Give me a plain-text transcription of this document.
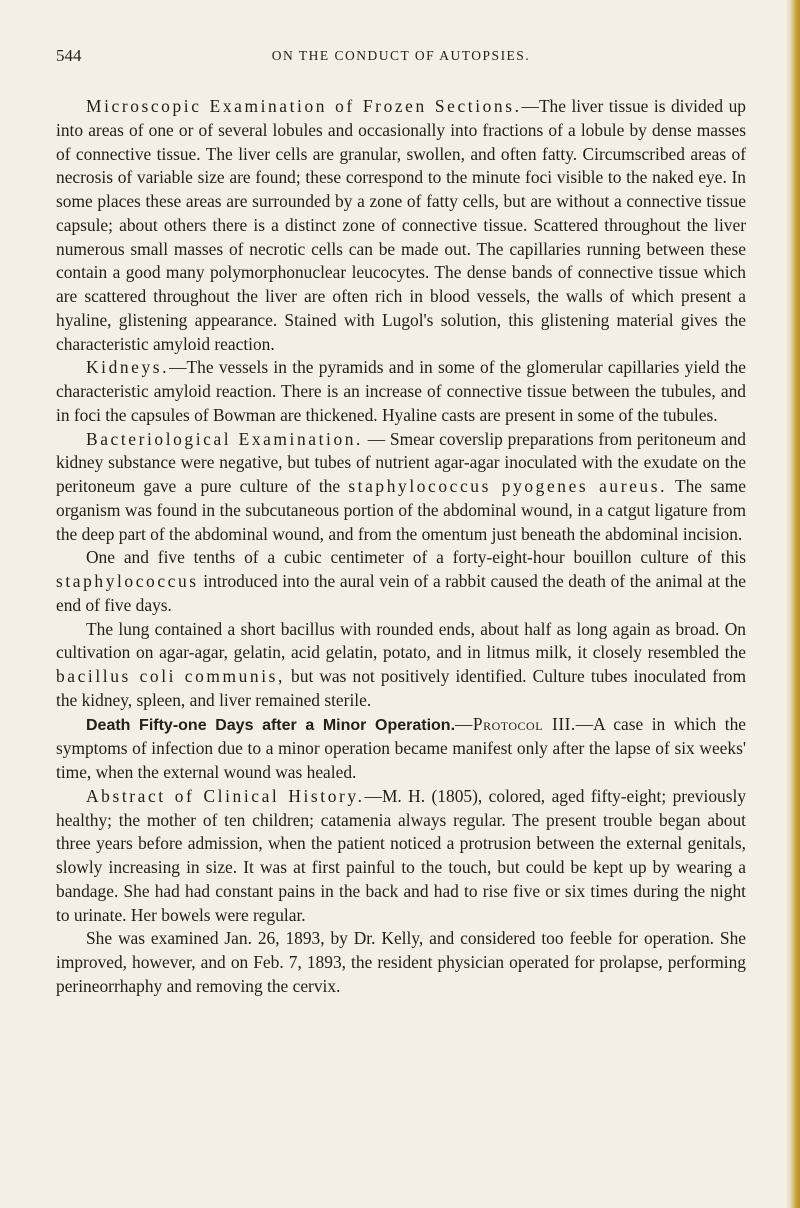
544	ON THE CONDUCT OF AUTOPSIES.

Microscopic Examination of Frozen Sections.—The liver tissue is divided up into areas of one or of several lobules and occasionally into fractions of a lobule by dense masses of connective tissue. The liver cells are granular, swollen, and often fatty. Circumscribed areas of necrosis of variable size are found; these correspond to the minute foci visible to the naked eye. In some places these areas are surrounded by a zone of fatty cells, but are without a connective tissue capsule; about others there is a distinct zone of connective tissue. Scattered throughout the liver numerous small masses of necrotic cells can be made out. The capillaries running between these contain a good many polymorphonuclear leucocytes. The dense bands of connective tissue which are scattered throughout the liver are often rich in blood vessels, the walls of which present a hyaline, glistening appearance. Stained with Lugol's solution, this glistening material gives the characteristic amyloid reaction.

Kidneys.—The vessels in the pyramids and in some of the glomerular capillaries yield the characteristic amyloid reaction. There is an increase of connective tissue between the tubules, and in foci the capsules of Bowman are thickened. Hyaline casts are present in some of the tubules.

Bacteriological Examination. — Smear coverslip preparations from peritoneum and kidney substance were negative, but tubes of nutrient agar-agar inoculated with the exudate on the peritoneum gave a pure culture of the staphylococcus pyogenes aureus. The same organism was found in the subcutaneous portion of the abdominal wound, in a catgut ligature from the deep part of the abdominal wound, and from the omentum just beneath the abdominal incision.

One and five tenths of a cubic centimeter of a forty-eight-hour bouillon culture of this staphylococcus introduced into the aural vein of a rabbit caused the death of the animal at the end of five days.

The lung contained a short bacillus with rounded ends, about half as long again as broad. On cultivation on agar-agar, gelatin, acid gelatin, potato, and in litmus milk, it closely resembled the bacillus coli communis, but was not positively identified. Culture tubes inoculated from the kidney, spleen, and liver remained sterile.

Death Fifty-one Days after a Minor Operation.—Protocol III.—A case in which the symptoms of infection due to a minor operation became manifest only after the lapse of six weeks' time, when the external wound was healed.

Abstract of Clinical History.—M. H. (1805), colored, aged fifty-eight; previously healthy; the mother of ten children; catamenia always regular. The present trouble began about three years before admission, when the patient noticed a protrusion between the external genitals, slowly increasing in size. It was at first painful to the touch, but could be kept up by wearing a bandage. She had had constant pains in the back and had to rise five or six times during the night to urinate. Her bowels were regular.

She was examined Jan. 26, 1893, by Dr. Kelly, and considered too feeble for operation. She improved, however, and on Feb. 7, 1893, the resident physician operated for prolapse, performing perineorrhaphy and removing the cervix.
